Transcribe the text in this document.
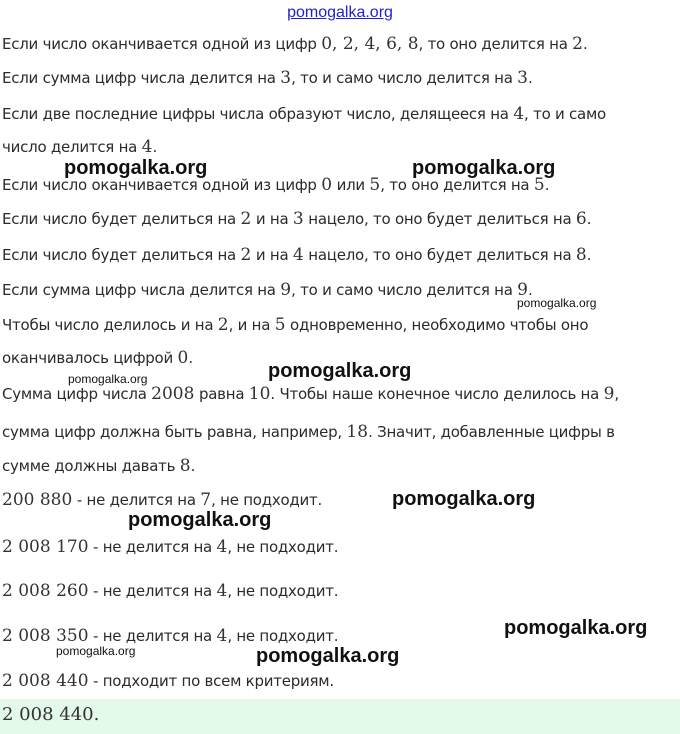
pomogalka.org
Если число оканчивается одной из цифр 0, 2, 4, 6, 8, то оно делится на 2.
Если сумма цифр числа делится на 3, то и само число делится на 3.
Если две последние цифры числа образуют число, делящееся на 4, то и само
число делится на 4.
Если число оканчивается одной из цифр 0 или 5, то оно делится на 5.
Если число будет делиться на 2 и на 3 нацело, то оно будет делиться на 6.
Если число будет делиться на 2 и на 4 нацело, то оно будет делиться на 8.
Если сумма цифр числа делится на 9, то и само число делится на 9.
Чтобы число делилось и на 2, и на 5 одновременно, необходимо чтобы оно
оканчивалось цифрой 0.
Сумма цифр числа 2008 равна 10. Чтобы наше конечное число делилось на 9,
сумма цифр должна быть равна, например, 18. Значит, добавленные цифры в
сумме должны давать 8.
200 880 - не делится на 7, не подходит.
2 008 170 - не делится на 4, не подходит.
2 008 260 - не делится на 4, не подходит.
2 008 350 - не делится на 4, не подходит.
2 008 440 - подходит по всем критериям.
2 008 440.
pomogalka.org	pomogalka.org
pomogalka.org
pomogalka.org
pomogalka.org
pomogalka.org
pomogalka.org
pomogalka.org
pomogalka.org	pomogalka.org
